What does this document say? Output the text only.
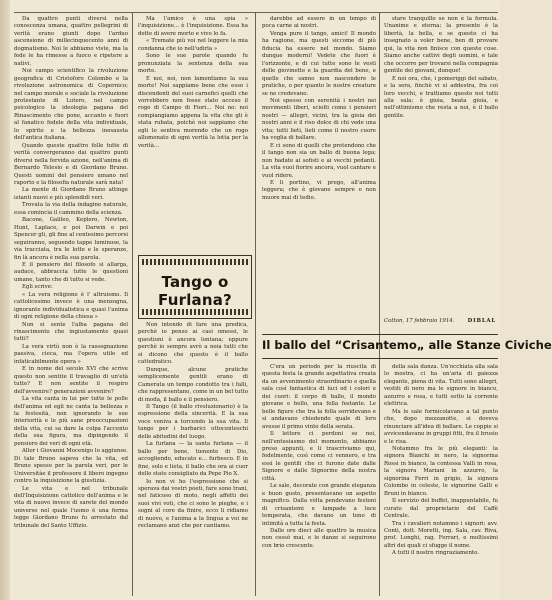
Da quattro punti diversi nella conoscenza umana, quattro pellegrini di verità erano giunti dopo l'arduo ascensione di millecinquecento anni di dogmatismo. Noi le abbiamo viste, ma la fede le ha rimesse a fuoco e ripetere a nativi.

Noi campo scientifico la rivoluzione geografica di Cristoforo Colombo e la rivoluzione astronomica di Copernico; nel campo morale e sociale la rivoluzione protestante di Lutero, nel campo psicologico la ideologia pagana del Rinascimento che pone, accanto e fuori al fanatico fedele della vita individuale, lo spirito e la bellezza inesausta dell'antica italiana.

Quando queste quattro folle tutte di verità convergeranno dai quattro punti diversi nella fervida azione, nell'anima di Bernardo Telesio e di Giordano Bruno. Questi uomini del pensiero umano nel raporto e la filosofia naturale sarà nata!

La mente di Giordano Bruno attinge istanti nuovi e più splendidi veri.

Trovata la via della indagine naturale, essa comincia il cammino della scienza.

Bacone, Galileo, Keplero, Newton, Hunt, Laplace, e poi Darwin e poi Spencer gli, gli fine al centesimo percorsi seguiranno, seguendo tappe luminose, la via tracciata, tra le lotte e le speranze, fin là ancora è nella sua parola.

E il pensiero del filosofo si allarga, audace, abbraccia tutte le questioni umane, tanto che di tutto si vede.

Egli scrive:

« La vera religione è l' altruismo. Il cattolicesimo invece è una menzogna, ignorante individualistica e quasi l'anima di ogni religione della chiesa »

Non si sente l'alba pagana del rinascimento che ingiustamente quasi tutti?

La vera virtù non è la rassegnazione passiva, cieca, ma l'opera utile ed infaticabilmente opera »

E in nome del secolo XVI che scrive questo non sentite il travaglio di un'età tutte? E non sentite il respiro dell'avvenire? generazioni avvenire?

La vita canta in lui per tutte le polle dell'anima ed egli ne canta la bellezza e la festosità, non ignorando le sue interiorità e le più sane preoccupazioni della vita, cui sa dare la colpa l'accento della sua figura, ma dipingendo il pensiero dei veri di ogni età.

Allor i Giovanni Mocenigo lo aggiunse. Di tale Bruno sapeva che la vita, ed Bruno spesso per la parola veri, per le Universitàe il professore il libero ingegno contro la inquisizione la giustizia.

Le vita e nel tribunale dell'Inquisizione cattolico dell'anima e le vita di nuovo invece di sarete del mondo universo nel quale l'uomo è una ferma legge Giordano Bruno fu arrestato dal tribunale del Santo Uffizio.

Ma l'amico è una spia » l'inquisizione... è l'inquisizione. Essa ha dette di avere morto e vivo lo fa.

« Tremate più voi nel leggere la mia condanna che io nell'udirla »

Sono le sue parole quando fu pronunziata la sentenza della sua morte.

E noi, noi, non lamentiamo la sua morte! Noi sappiamo bene che esso i discendenti del suoi carnefici quelli che vorrebbero non fosse stato acceso il rogo di Campo di Fiori... Noi no: noi compiangiamo appena la vita che gli è stata rubata, poichè noi sappiamo che egli lo sentiva morendo che un rogo allumonato di ogni verità la lotta per la verità...

Tango o Furlana?

Non intendo di fare una predica, perchè io penso ai casi omessi, le questioni è ancora lontana; eppure perchè io sempre avrò a noia tutti che si dicono che questo è il ballo cattedratico.

Dunque, alcune pratiche semplicemente gentili erano di Camerata un tempo condotto tra i falli, che rappresentano, come in un bel tutto di moda, il ballo e il pensiero.

Il Tango (il ballo rivoluzionario) è la espressione della sincerità. E la sua voce veniva a torcendo la sua vita. Il tango per i barbarici ottocenteschi delle abitudini del luogo.

La furlana — la santa furlana — il ballo per bene, tienente di Dio, accogliendo, educato e... furbesco. E in fine, solo e lieta, il ballo che ora ai cuor dello stato consigliato da Pepe Pio X.

Io non vi ho l'espressione che si sperava dai vostri poeti, fare sono trani, nel faticoso di moto, negli affetti dei suoi vivi voti, che ci sono le pieghe, e i sogni al core da finire, ecco li ridiamo di nuovo, e l'anima a la lingua a voi ne reclamano anzi che per cantiamo.

darebbe ad essere in un tempo di poca carne ai nostri.

Venga pure il tango, amici! Il mondo ha ragione, ma questi siccome di più fiducia ha essere nel mondo. Siamo dunque moderni! Vedete che fuori è l'orizzonte, e di cui tutte sono le vesti delle giovinette e la guardia del bene, e quelle che sanno non nascondere le pratiche, o per quanto le nostre creature se ne credevano.

Noi spesso con serenità i nostri nei movimenti liberi, sciolti come i pensieri nostri — allegri, vicini, tra la gioia dei nostri anni e il riso dolce di chi vede una vita; tutti lieti, lieti come il nostro cuore ha voglia di ballare.

E ci sono di quelli che pretendono che il tango non sia un ballo di buona lega; non badate ai sofisti e ai vecchi pedanti. La vita vuol fiorire ancora, vuol cantare e vuol ridere.

E li portino, vi prego, all'anima leggera; che è giovane sempre e non muore mai di tedio.

stare tranquillo se non è la formula. Unanime e eterna; la presente è la libertà, la bella, e se questo ci ha insegnato a voler bene, ben di provare qui, la vita non finisce con queste cose. Siamo anche cattivi degli uomini, e tale che occorre per trovarsi nella compagnia gentile dei giovani, dunque!

E noi ora, che, i pomeriggi del sabato, e la sera, finchè vi si addestra, fra coi loro vecchi, e trattiamo questo noi tutti alla sala; è gioia, beata gioia, e nell'ottimismo che resta a noi, è il ballo gentile.

Cotton, 17 febbraio 1914. DIBLAL
Il ballo del “Crisantemo„ alle Stanze Civiche

C'era un periodo per la riuscita di questa festa la grande aspettativa creata da un avvenimento straordinario e quella sala così fantastica di luci ed i colori e dei cuori: il corpo di ballo, il mondo giovane e bello, una folla festante. Le belle figure che tra la folla sorridevano e si andavano chiedendo quale di loro avesse il primo vinto della serata.

Il lettore ci perdoni se noi, nell'entusiasmo del momento, abbiamo preso appunti, e li trascriviamo qui, fedelmente, così come ci vennero, e tra essi le gentili che ci furono date dalle Signore e dalle Signorine della nostra città.

Le sale, decorate con grande eleganza e buon gusto, presentavano un aspetto magnifico. Dalla vòlta pendevano festoni di crisantemi e lampade a luce temperata, che davano un tono di intimità a tutta la festa.

Dalle ore dieci alle quattro la musica non cessò mai, e le danze si seguirono con brio crescente.

della sala danza. Un'occhiata alla sala lo mostra, ci ha un'aria di gaiezza elegante, piena di vita. Tutti sono allegri, vestiti di nero ma le signore in bianco, azzurro e rosa, e tutti sotto la corrente elettrica.

Ma le sale formicolavano a tal punto che, dopo mezzanotte, si doveva rinunciare all'idea di ballare. Le coppie si avvicendavano in gruppi fitti, fra il brusio e le risa.

Notammo fra le più eleganti: la signora Bianchi in nero, la signorina Rossi in bianco, la contessa Valli in rosa, la signora Mariani in azzurro, la signorina Ferri in grigio, la signora Colombo in celeste, le signorine Galli e Bruni in bianco.

Il servizio del buffet, inappuntabile, fu curato dal proprietario del Caffè Centrale.

Tra i cavalieri notammo i signori: avv. Conti, dott. Moretti, ing. Sala, cav. Riva, prof. Longhi, rag. Ferrari, e moltissimi altri dei quali ci sfugge il nome.

A tutti il nostro ringraziamento.
